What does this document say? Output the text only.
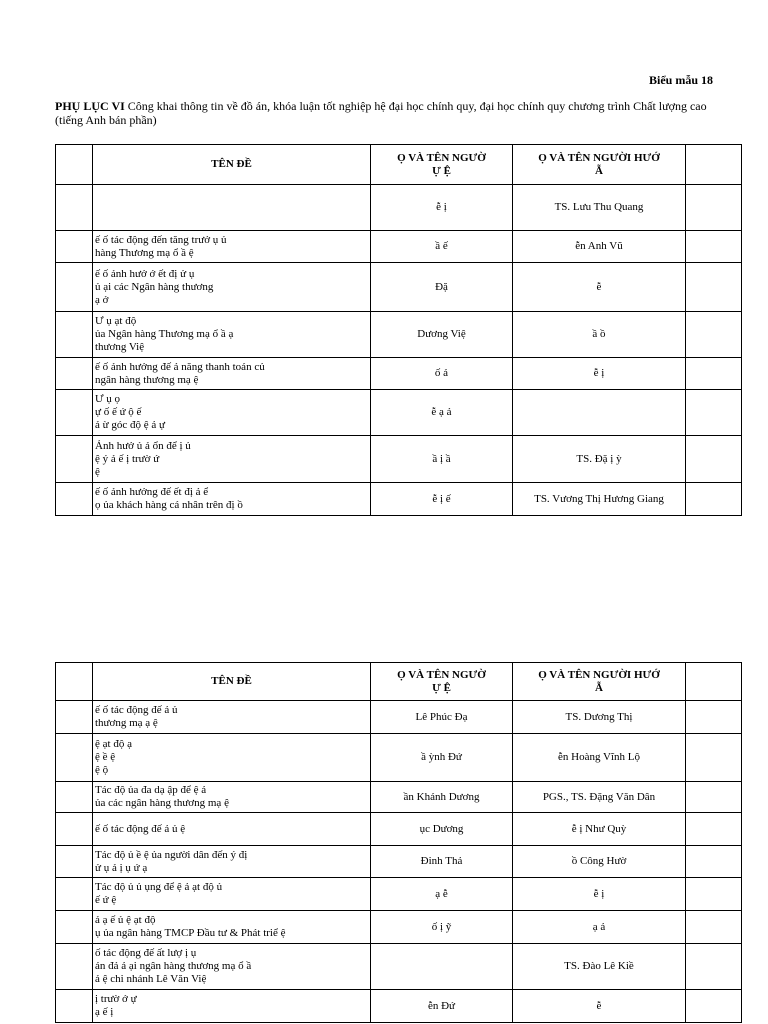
Biểu mẫu 18
PHỤ LỤC VI Công khai thông tin về đồ án, khóa luận tốt nghiệp hệ đại học chính quy, đại học chính quy chương trình Chất lượng cao (tiếng Anh bán phần)
	TÊN ĐỀ	Ọ VÀ TÊN NGƯỜ
Ự Ệ	Ọ VÀ TÊN NGƯỜI HƯỚ
Ẫ	
		ễ ị	TS. Lưu Thu Quang	
	ế ố tác động đến tăng trưở ụ ủ
hàng Thương mạ ổ ầ ệ	ầ ế	ễn Anh Vũ	
	ế ố ảnh hưở ớ ết đị ử ụ
ủ ại các Ngân hàng thương
ạ ở	Đặ	ễ	
	Ư ụ ạt độ
ủa Ngân hàng Thương mạ ổ ầ ạ
thương Việ	Dương Việ	ầ ồ	
	ế ố ảnh hưởng đế ả năng thanh toán củ
ngân hàng thương mạ ệ	ố ả	ễ ị	
	Ư ụ ọ
ự ố ế ứ ộ ế
ả ừ góc độ ệ ả ự	ễ ạ ả		
	Ảnh hưở ủ ả ổn để ị ủ
ệ ý ả ế ị trườ ứ
ệ	ầ ị ầ	TS. Đặ ị ỳ	
	ế ố ảnh hưởng đế ết đị ả ể
ọ ủa khách hàng cá nhân trên đị ồ	ễ ị ế	TS. Vương Thị Hương Giang	
	TÊN ĐỀ	Ọ VÀ TÊN NGƯỜ
Ự Ệ	Ọ VÀ TÊN NGƯỜI HƯỚ
Ẫ	
	ế ố tác động đế ả ủ
thương mạ ạ ệ	Lê Phúc Đạ	TS. Dương Thị	
	ệ ạt độ ạ
ệ ề ệ
ệ ộ	ầ ỳnh Đứ	ễn Hoàng Vĩnh Lộ	
	Tác độ ủa đa dạ ập để ệ ả
ủa các ngân hàng thương mạ ệ	ần Khánh Dương	PGS., TS. Đặng Văn Dân	
	ế ố tác động đế ả ủ ệ	ục Dương	ễ ị Như Quỳ	
	Tác độ ủ ề ệ ủa người dân đến ý đị
ử ụ ả ị ụ ứ ạ	Đinh Thả	ồ Công Hườ	
	Tác độ ủ ủ ụng để ệ ả ạt độ ủ
ế ứ ệ	ạ ễ	ễ ị	
	ả ạ ế ủ ệ ạt độ
ụ ủa ngân hàng TMCP Đầu tư & Phát triể ệ	ố ị ỹ	ạ ả	
	ố tác động đế ất lượ ị ụ
án đả ả ại ngân hàng thương mạ ổ ầ
ả ệ chi nhánh Lê Văn Việ		TS. Đào Lê Kiề	
	ị trườ ớ ự
ạ ế ị	ễn Đứ	ễ	
